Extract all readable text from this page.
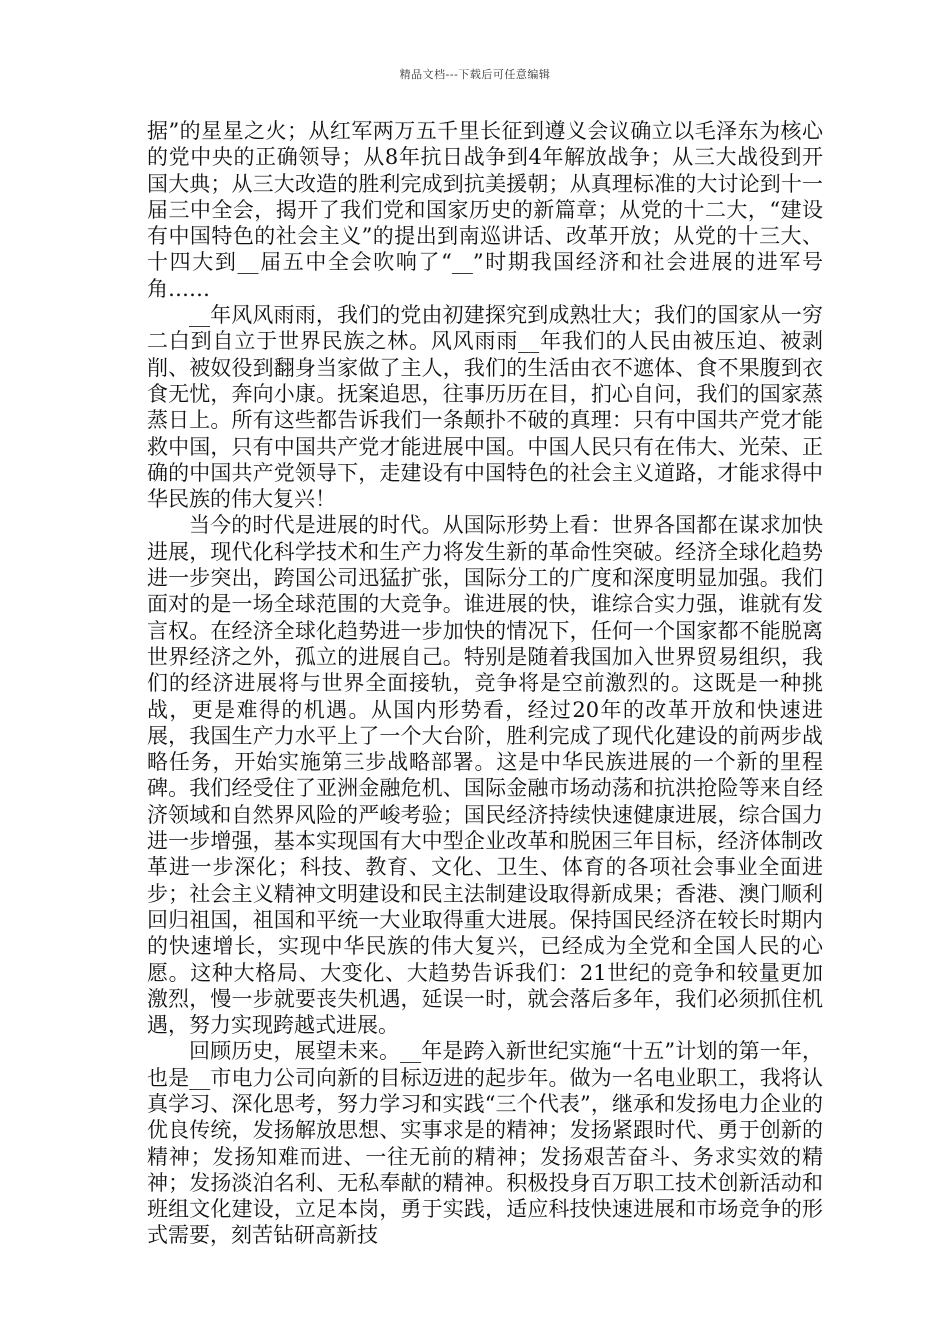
精品文档---下载后可任意编辑

据”的星星之火；从红军两万五千里长征到遵义会议确立以毛泽东为核心的党中央的正确领导；从8年抗日战争到4年解放战争；从三大战役到开国大典；从三大改造的胜利完成到抗美援朝；从真理标准的大讨论到十一届三中全会，揭开了我们党和国家历史的新篇章；从党的十二大，“建设有中国特色的社会主义”的提出到南巡讲话、改革开放；从党的十三大、十四大到__届五中全会吹响了“__”时期我国经济和社会进展的进军号角……

__年风风雨雨，我们的党由初建探究到成熟壮大；我们的国家从一穷二白到自立于世界民族之林。风风雨雨__年我们的人民由被压迫、被剥削、被奴役到翻身当家做了主人，我们的生活由衣不遮体、食不果腹到衣食无忧，奔向小康。抚案追思，往事历历在目，扪心自问，我们的国家蒸蒸日上。所有这些都告诉我们一条颠扑不破的真理：只有中国共产党才能救中国，只有中国共产党才能进展中国。中国人民只有在伟大、光荣、正确的中国共产党领导下，走建设有中国特色的社会主义道路，才能求得中华民族的伟大复兴！

当今的时代是进展的时代。从国际形势上看：世界各国都在谋求加快进展，现代化科学技术和生产力将发生新的革命性突破。经济全球化趋势进一步突出，跨国公司迅猛扩张，国际分工的广度和深度明显加强。我们面对的是一场全球范围的大竞争。谁进展的快，谁综合实力强，谁就有发言权。在经济全球化趋势进一步加快的情况下，任何一个国家都不能脱离世界经济之外，孤立的进展自己。特别是随着我国加入世界贸易组织，我们的经济进展将与世界全面接轨，竞争将是空前激烈的。这既是一种挑战，更是难得的机遇。从国内形势看，经过20年的改革开放和快速进展，我国生产力水平上了一个大台阶，胜利完成了现代化建设的前两步战略任务，开始实施第三步战略部署。这是中华民族进展的一个新的里程碑。我们经受住了亚洲金融危机、国际金融市场动荡和抗洪抢险等来自经济领域和自然界风险的严峻考验；国民经济持续快速健康进展，综合国力进一步增强，基本实现国有大中型企业改革和脱困三年目标，经济体制改革进一步深化；科技、教育、文化、卫生、体育的各项社会事业全面进步；社会主义精神文明建设和民主法制建设取得新成果；香港、澳门顺利回归祖国，祖国和平统一大业取得重大进展。保持国民经济在较长时期内的快速增长，实现中华民族的伟大复兴，已经成为全党和全国人民的心愿。这种大格局、大变化、大趋势告诉我们：21世纪的竞争和较量更加激烈，慢一步就要丧失机遇，延误一时，就会落后多年，我们必须抓住机遇，努力实现跨越式进展。

回顾历史，展望未来。__年是跨入新世纪实施“十五”计划的第一年，也是__市电力公司向新的目标迈进的起步年。做为一名电业职工，我将认真学习、深化思考，努力学习和实践“三个代表”，继承和发扬电力企业的优良传统，发扬解放思想、实事求是的精神；发扬紧跟时代、勇于创新的精神；发扬知难而进、一往无前的精神；发扬艰苦奋斗、务求实效的精神；发扬淡泊名利、无私奉献的精神。积极投身百万职工技术创新活动和班组文化建设，立足本岗，勇于实践，适应科技快速进展和市场竞争的形式需要，刻苦钻研高新技
